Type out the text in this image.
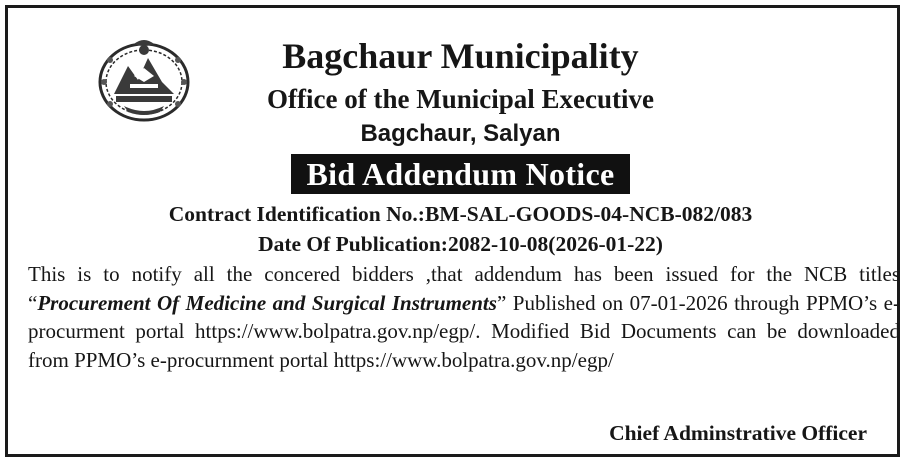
Bagchaur Municipality
Office of the Municipal Executive
Bagchaur, Salyan
Bid Addendum Notice
Contract Identification No.:BM-SAL-GOODS-04-NCB-082/083
Date Of Publication:2082-10-08(2026-01-22)

This is to notify all the concered bidders ,that addendum has been issued for the NCB titles “Procurement Of Medicine and Surgical Instruments” Published on 07-01-2026 through PPMO’s e-procurment portal https://www.bolpatra.gov.np/egp/. Modified Bid Documents can be downloaded from PPMO’s e-procurnment portal https://www.bolpatra.gov.np/egp/

Chief Adminstrative Officer
